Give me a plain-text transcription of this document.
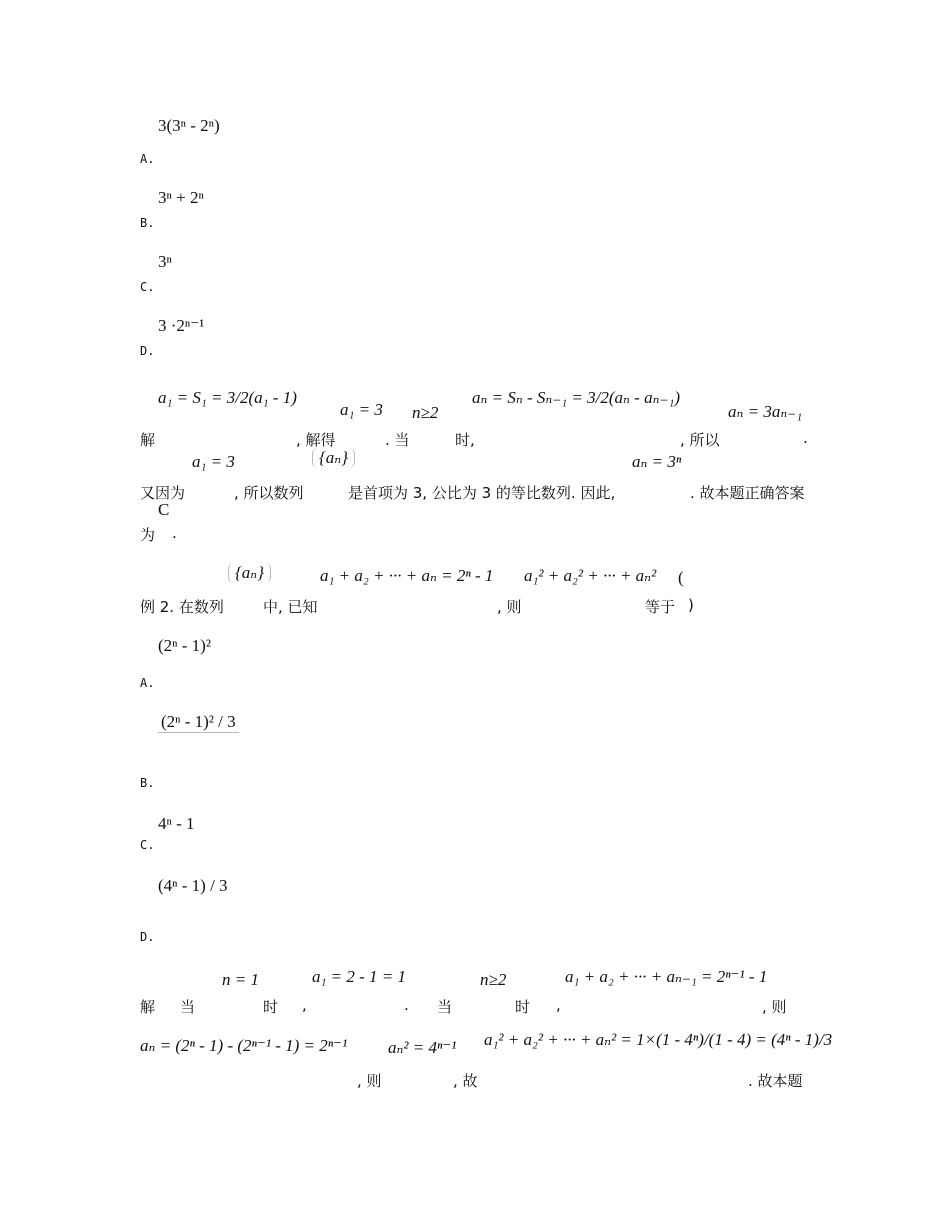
3(3ⁿ - 2ⁿ)
A.
3ⁿ + 2ⁿ
B.
3ⁿ
C.
3 ·2ⁿ⁻¹
D.
a₁ = S₁ = 3/2(a₁ - 1)
a₁ = 3 n≥2
aₙ = Sₙ - Sₙ₋₁ = 3/2(aₙ - aₙ₋₁)
aₙ = 3aₙ₋₁
解	, 解得	. 当	时,	, 所以	.
a₁ = 3	{aₙ}	aₙ = 3ⁿ
又因为	, 所以数列	是首项为 3, 公比为 3 的等比数列. 因此,	. 故本题正确答案
C
为 .
{aₙ}	a₁ + a₂ + ··· + aₙ = 2ⁿ - 1 a₁² + a₂² + ··· + aₙ² (
例 2. 在数列	中, 已知	, 则	等于 )
(2ⁿ - 1)²
A.
(2ⁿ - 1)² / 3

B.
4ⁿ - 1
C.
(4ⁿ - 1) / 3
D.
n = 1	a₁ = 2 - 1 = 1	n≥2	a₁ + a₂ + ··· + aₙ₋₁ = 2ⁿ⁻¹ - 1
解 当	时 ,	. 当	时 ,	, 则
aₙ = (2ⁿ - 1) - (2ⁿ⁻¹ - 1) = 2ⁿ⁻¹ aₙ² = 4ⁿ⁻¹ a₁² + a₂² + ··· + aₙ² = 1×(1 - 4ⁿ)/(1 - 4) = (4ⁿ - 1)/3
, 则	, 故	. 故本题
